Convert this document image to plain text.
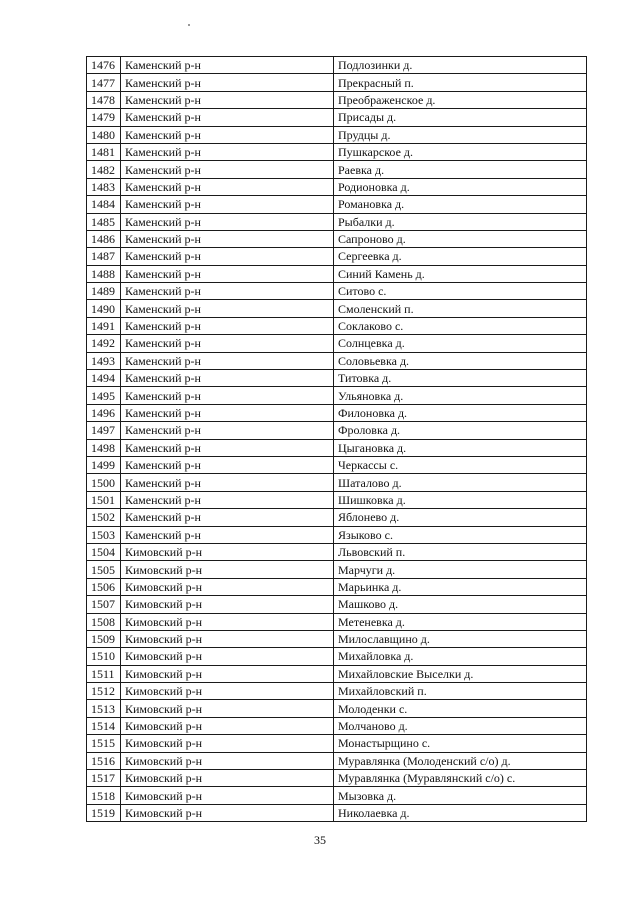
1476	Каменский р-н	Подлозинки д.
1477	Каменский р-н	Прекрасный п.
1478	Каменский р-н	Преображенское д.
1479	Каменский р-н	Присады д.
1480	Каменский р-н	Прудцы д.
1481	Каменский р-н	Пушкарское д.
1482	Каменский р-н	Раевка д.
1483	Каменский р-н	Родионовка д.
1484	Каменский р-н	Романовка д.
1485	Каменский р-н	Рыбалки д.
1486	Каменский р-н	Сапроново д.
1487	Каменский р-н	Сергеевка д.
1488	Каменский р-н	Синий Камень д.
1489	Каменский р-н	Ситово с.
1490	Каменский р-н	Смоленский п.
1491	Каменский р-н	Соклаково с.
1492	Каменский р-н	Солнцевка д.
1493	Каменский р-н	Соловьевка д.
1494	Каменский р-н	Титовка д.
1495	Каменский р-н	Ульяновка д.
1496	Каменский р-н	Филоновка д.
1497	Каменский р-н	Фроловка д.
1498	Каменский р-н	Цыгановка д.
1499	Каменский р-н	Черкассы с.
1500	Каменский р-н	Шаталово д.
1501	Каменский р-н	Шишковка д.
1502	Каменский р-н	Яблонево д.
1503	Каменский р-н	Языково с.
1504	Кимовский р-н	Львовский п.
1505	Кимовский р-н	Марчуги д.
1506	Кимовский р-н	Марьинка д.
1507	Кимовский р-н	Машково д.
1508	Кимовский р-н	Метеневка д.
1509	Кимовский р-н	Милославщино д.
1510	Кимовский р-н	Михайловка д.
1511	Кимовский р-н	Михайловские Выселки д.
1512	Кимовский р-н	Михайловский п.
1513	Кимовский р-н	Молоденки с.
1514	Кимовский р-н	Молчаново д.
1515	Кимовский р-н	Монастырщино с.
1516	Кимовский р-н	Муравлянка (Молоденский с/о) д.
1517	Кимовский р-н	Муравлянка (Муравлянский с/о) с.
1518	Кимовский р-н	Мызовка д.
1519	Кимовский р-н	Николаевка д.
35
